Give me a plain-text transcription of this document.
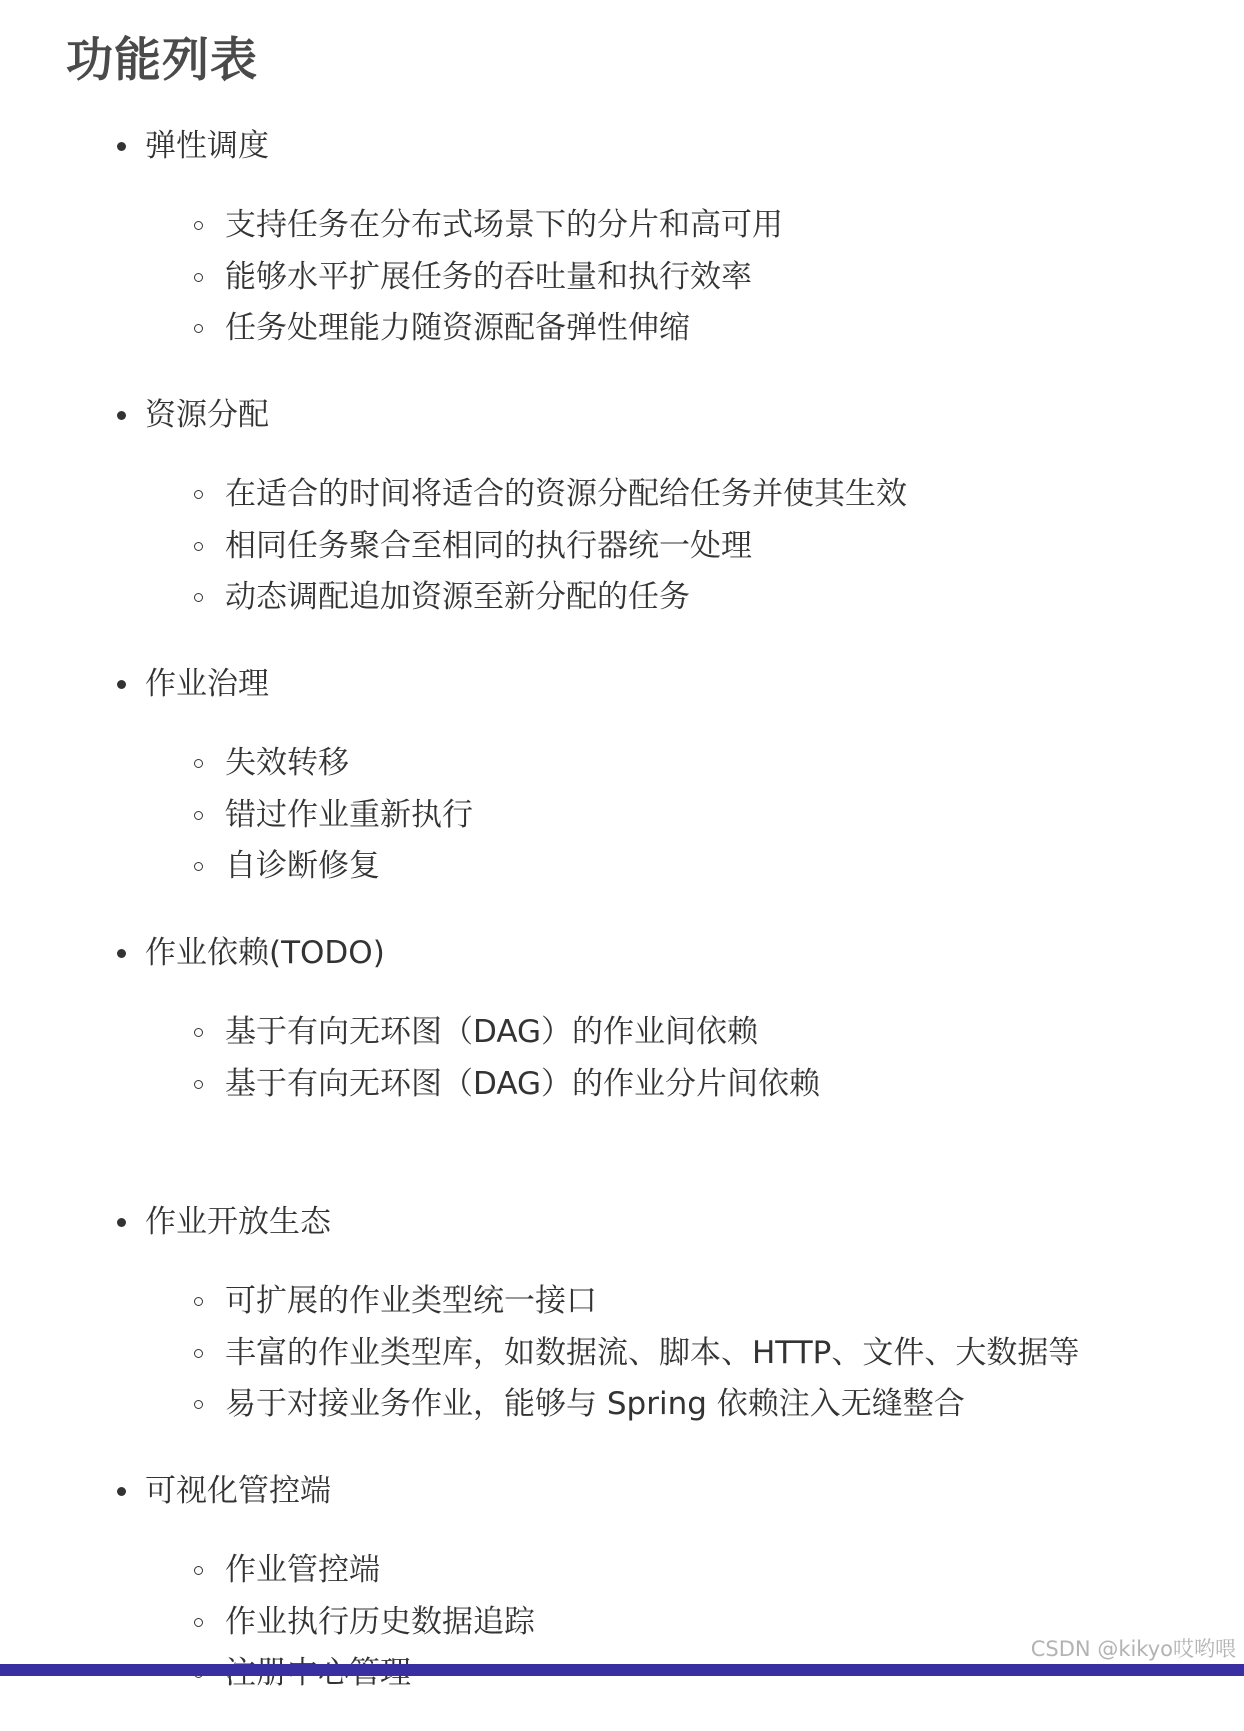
功能列表
弹性调度
支持任务在分布式场景下的分片和高可用
能够水平扩展任务的吞吐量和执行效率
任务处理能力随资源配备弹性伸缩
资源分配
在适合的时间将适合的资源分配给任务并使其生效
相同任务聚合至相同的执行器统一处理
动态调配追加资源至新分配的任务
作业治理
失效转移
错过作业重新执行
自诊断修复
作业依赖(TODO)
基于有向无环图（DAG）的作业间依赖
基于有向无环图（DAG）的作业分片间依赖
作业开放生态
可扩展的作业类型统一接口
丰富的作业类型库，如数据流、脚本、HTTP、文件、大数据等
易于对接业务作业，能够与 Spring 依赖注入无缝整合
可视化管控端
作业管控端
作业执行历史数据追踪
CSDN @kikyo哎哟喂
